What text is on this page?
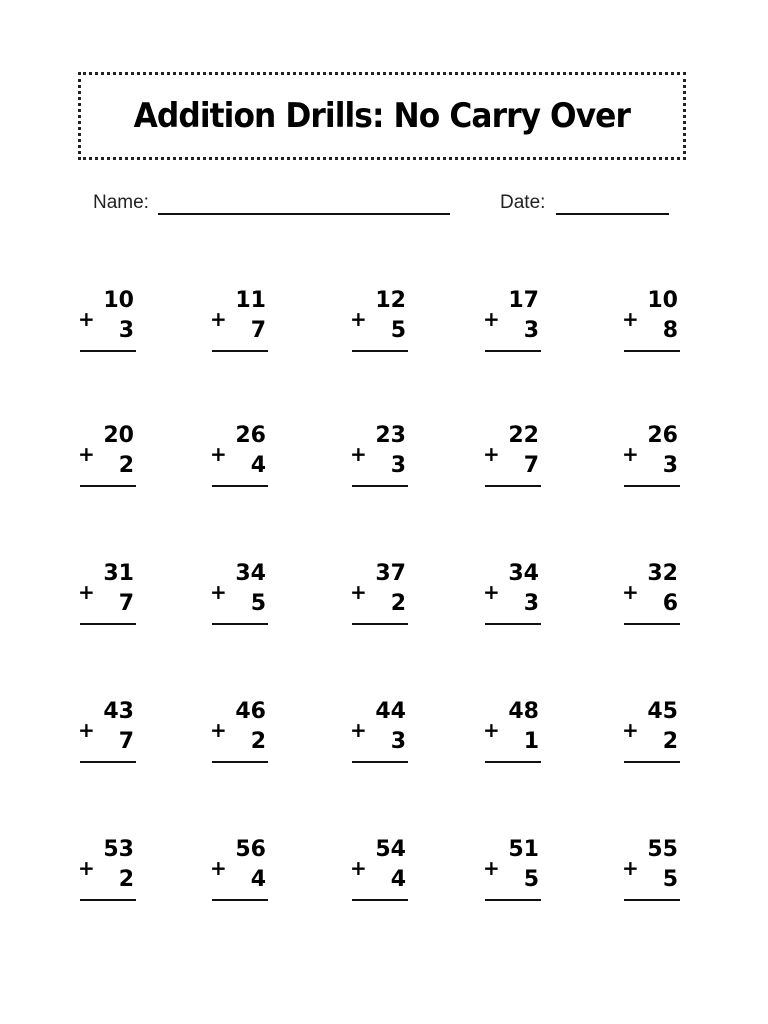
Addition Drills: No Carry Over
Name:	Date:
10
+ 3
11
+ 7
12
+ 5
17
+ 3
10
+ 8
20
+ 2
26
+ 4
23
+ 3
22
+ 7
26
+ 3
31
+ 7
34
+ 5
37
+ 2
34
+ 3
32
+ 6
43
+ 7
46
+ 2
44
+ 3
48
+ 1
45
+ 2
53
+ 2
56
+ 4
54
+ 4
51
+ 5
55
+ 5
